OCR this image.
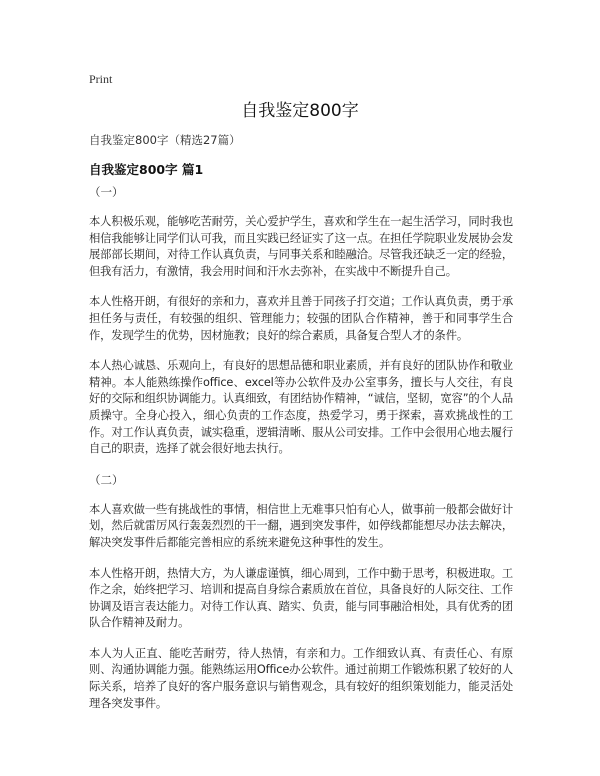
Print
自我鉴定800字
自我鉴定800字（精选27篇）
自我鉴定800字 篇1
（一）

本人积极乐观，能够吃苦耐劳，关心爱护学生，喜欢和学生在一起生活学习，同时我也相信我能够让同学们认可我，而且实践已经证实了这一点。在担任学院职业发展协会发展部部长期间，对待工作认真负责，与同事关系和睦融洽。尽管我还缺乏一定的经验，但我有活力，有激情，我会用时间和汗水去弥补，在实战中不断提升自己。

本人性格开朗，有很好的亲和力，喜欢并且善于同孩子打交道；工作认真负责，勇于承担任务与责任，有较强的组织、管理能力；较强的团队合作精神，善于和同事学生合作，发现学生的优势，因材施教；良好的综合素质，具备复合型人才的条件。

本人热心诚恳、乐观向上，有良好的思想品德和职业素质，并有良好的团队协作和敬业精神。本人能熟练操作office、excel等办公软件及办公室事务，擅长与人交往，有良好的交际和组织协调能力。认真细致，有团结协作精神，“诚信，坚韧，宽容”的个人品质操守。全身心投入，细心负责的工作态度，热爱学习，勇于探索，喜欢挑战性的工作。对工作认真负责，诚实稳重，逻辑清晰、服从公司安排。工作中会很用心地去履行自己的职责，选择了就会很好地去执行。

（二）

本人喜欢做一些有挑战性的事情，相信世上无难事只怕有心人，做事前一般都会做好计划，然后就雷厉风行轰轰烈烈的干一翻，遇到突发事件，如停线都能想尽办法去解决，解决突发事件后都能完善相应的系统来避免这种事性的发生。

本人性格开朗，热情大方，为人谦虚谨慎，细心周到，工作中勤于思考，积极进取。工作之余，始终把学习、培训和提高自身综合素质放在首位，具备良好的人际交往、工作协调及语言表达能力。对待工作认真、踏实、负责，能与同事融洽相处，具有优秀的团队合作精神及耐力。

本人为人正直、能吃苦耐劳，待人热情，有亲和力。工作细致认真、有责任心、有原则、沟通协调能力强。能熟练运用Office办公软件。通过前期工作锻炼积累了较好的人际关系，培养了良好的客户服务意识与销售观念，具有较好的组织策划能力，能灵活处理各突发事件。
